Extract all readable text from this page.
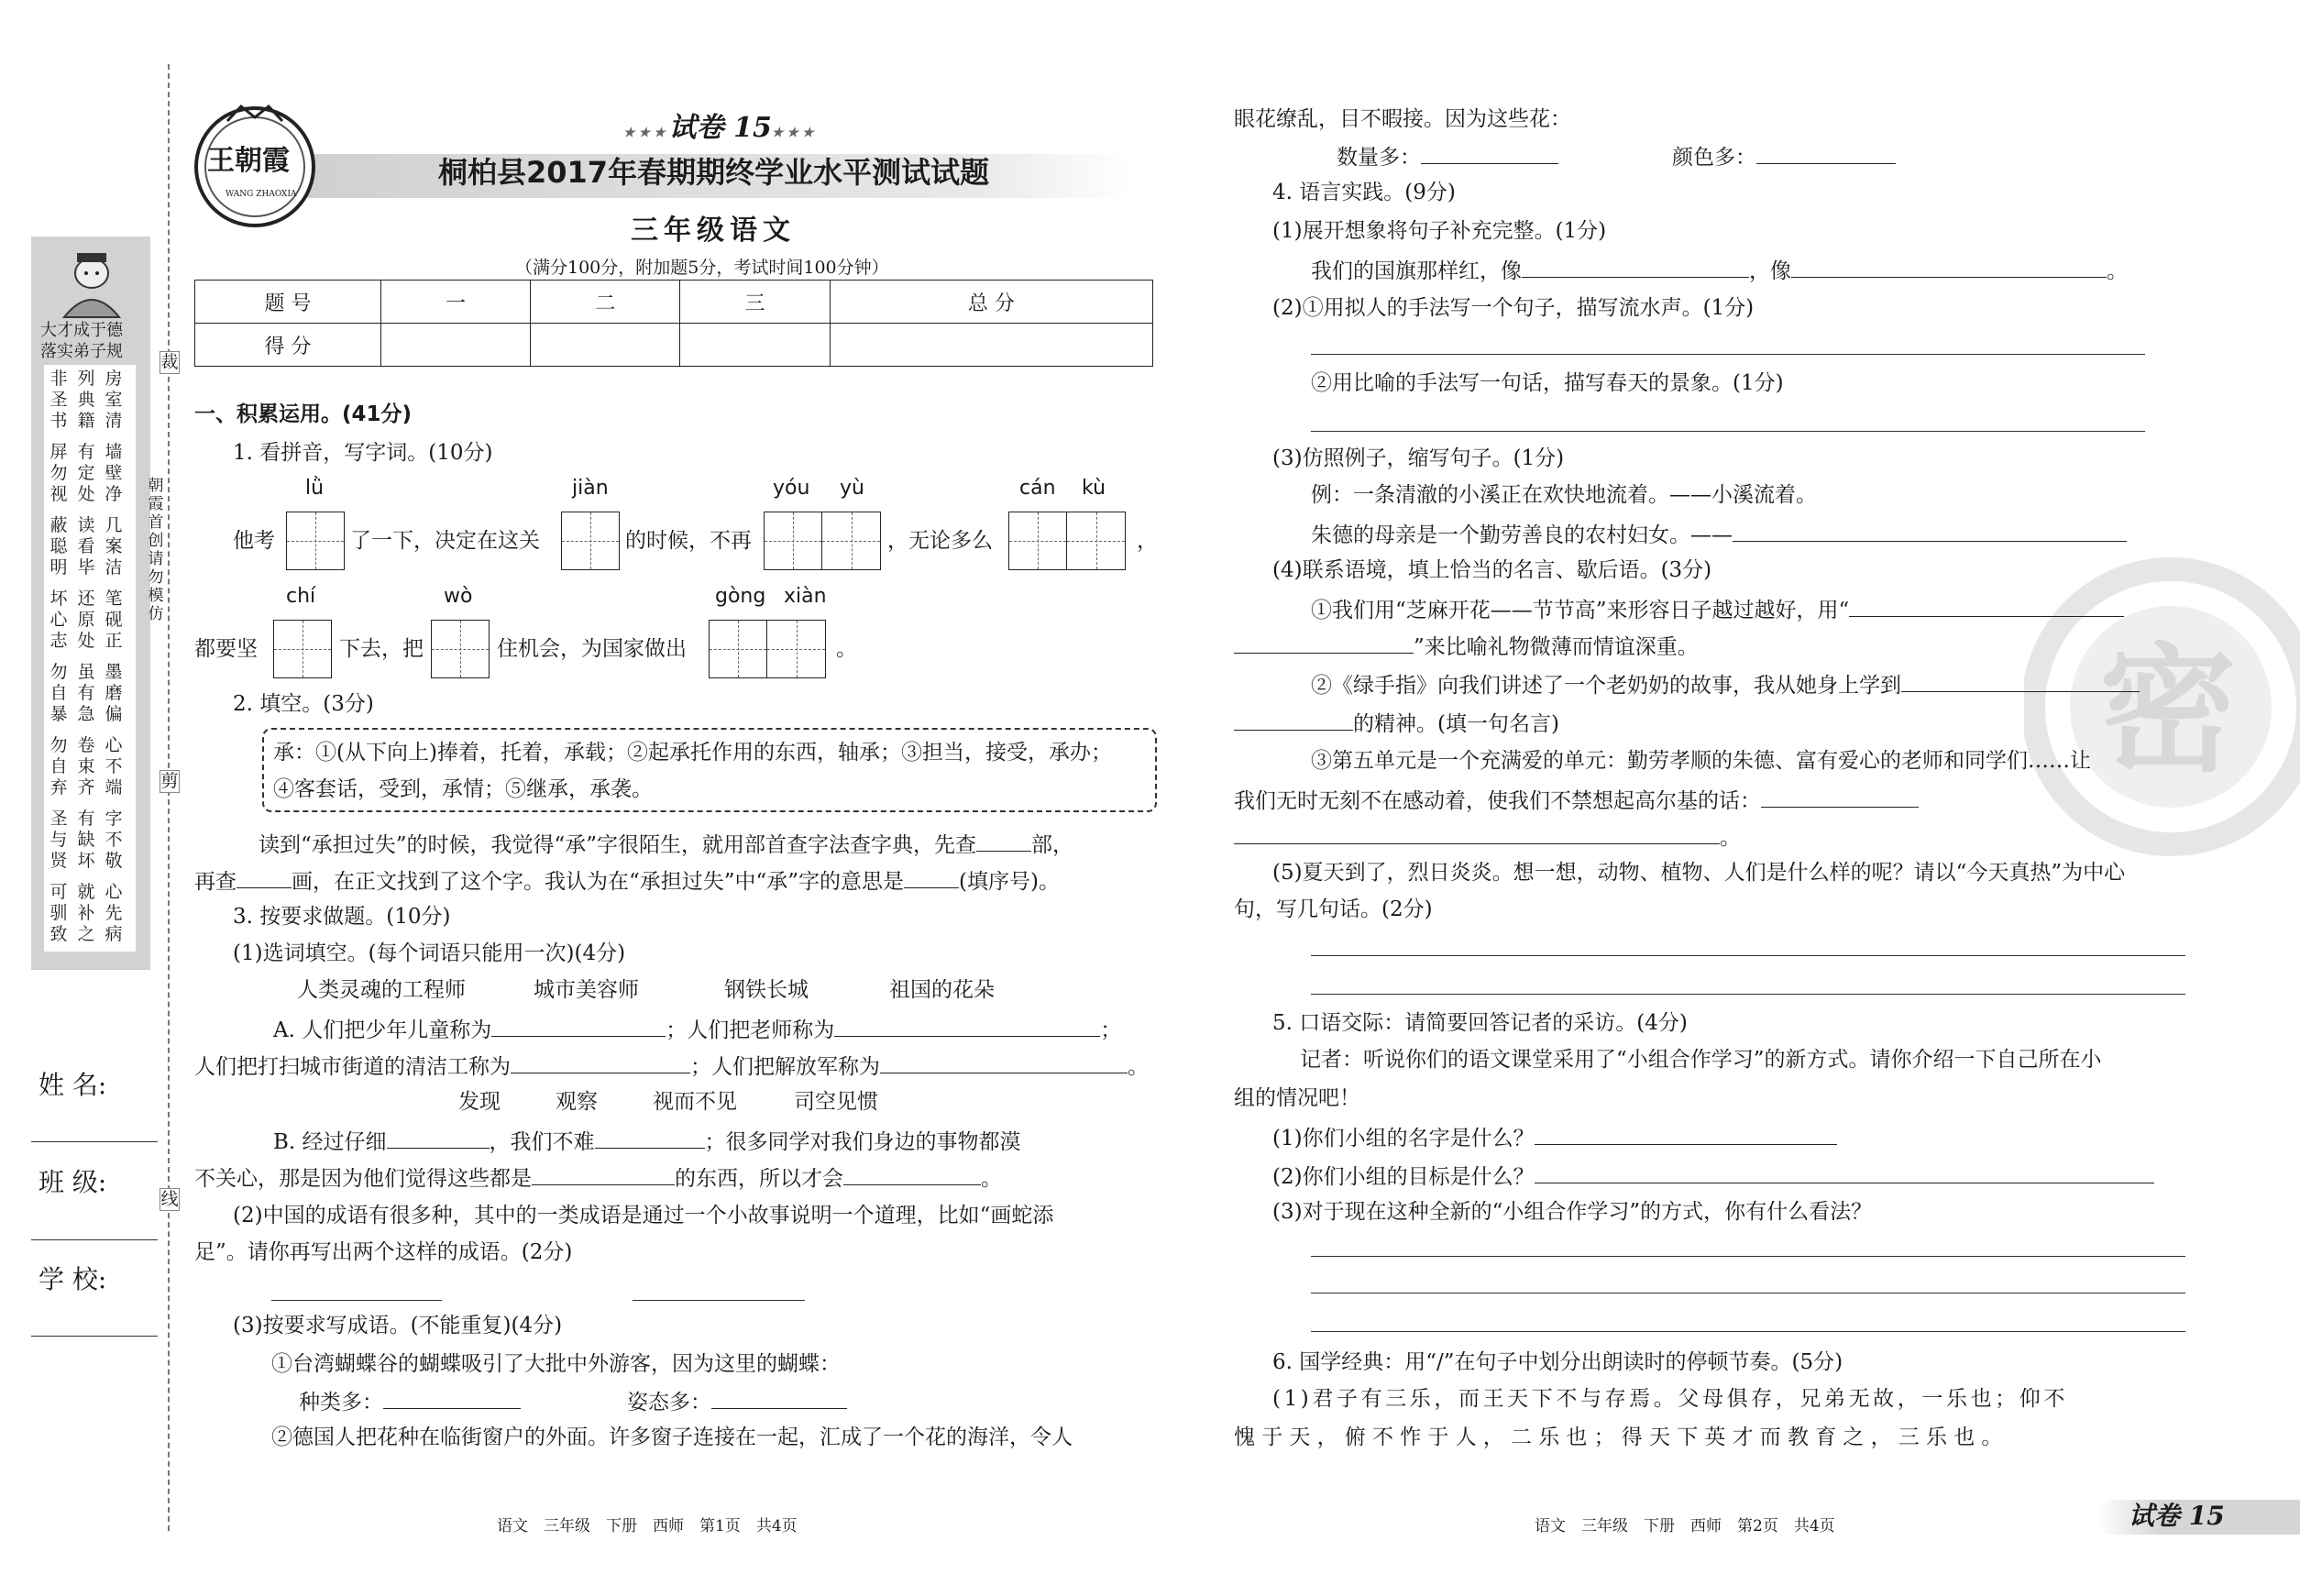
大才成于德
落实弟子规
非圣书
列典籍
房室清
屏勿视
有定处
墙壁净
蔽聪明
读看毕
几案洁
坏心志
还原处
笔砚正
勿自暴
虽有急
墨磨偏
勿自弃
卷束齐
心不端
圣与贤
有缺坏
字不敬
可驯致
就补之
心先病
裁
朝霞首创 请勿模仿
剪
线
姓 名:
班 级:
学 校:
王朝霞
WANG ZHAOXIA
★★★试卷 15★★★
桐柏县2017年春期期终学业水平测试试题
三年级语文
（满分100分，附加题5分，考试时间100分钟）
题 号	一	二	三	总 分
得 分				
一、积累运用。(41分)
1. 看拼音，写字词。(10分)
lǜ	jiàn	yóu yù	cán kù
他考	了一下，决定在这关	的时候，不再	，无论多么	，
chí	wò	gòng xiàn
都要坚	下去，把	住机会，为国家做出	。
2. 填空。(3分)
承：①(从下向上)捧着，托着，承载；②起承托作用的东西，轴承；③担当，接受，承办；
④客套话，受到，承情；⑤继承，承袭。
读到“承担过失”的时候，我觉得“承”字很陌生，就用部首查字法查字典，先查	部，
再查	画，在正文找到了这个字。我认为在“承担过失”中“承”字的意思是	(填序号)。
3. 按要求做题。(10分)
(1)选词填空。(每个词语只能用一次)(4分)
人类灵魂的工程师	城市美容师	钢铁长城	祖国的花朵
A. 人们把少年儿童称为	；人们把老师称为	；
人们把打扫城市街道的清洁工称为	；人们把解放军称为	。
发现	观察	视而不见	司空见惯
B. 经过仔细	，我们不难	；很多同学对我们身边的事物都漠
不关心，那是因为他们觉得这些都是	的东西，所以才会	。
(2)中国的成语有很多种，其中的一类成语是通过一个小故事说明一个道理，比如“画蛇添
足”。请你再写出两个这样的成语。(2分)
(3)按要求写成语。(不能重复)(4分)
①台湾蝴蝶谷的蝴蝶吸引了大批中外游客，因为这里的蝴蝶：
种类多：	姿态多：
②德国人把花种在临街窗户的外面。许多窗子连接在一起，汇成了一个花的海洋，令人
语文　三年级　下册　西师　第1页　共4页
密
眼花缭乱，目不暇接。因为这些花：
数量多：	颜色多：
4. 语言实践。(9分)
(1)展开想象将句子补充完整。(1分)
我们的国旗那样红，像	，像	。
(2)①用拟人的手法写一个句子，描写流水声。(1分)
②用比喻的手法写一句话，描写春天的景象。(1分)
(3)仿照例子，缩写句子。(1分)
例：一条清澈的小溪正在欢快地流着。——小溪流着。
朱德的母亲是一个勤劳善良的农村妇女。——
(4)联系语境，填上恰当的名言、歇后语。(3分)
①我们用“芝麻开花——节节高”来形容日子越过越好，用“
”来比喻礼物微薄而情谊深重。
②《绿手指》向我们讲述了一个老奶奶的故事，我从她身上学到
的精神。(填一句名言)
③第五单元是一个充满爱的单元：勤劳孝顺的朱德、富有爱心的老师和同学们……让
我们无时无刻不在感动着，使我们不禁想起高尔基的话：
。
(5)夏天到了，烈日炎炎。想一想，动物、植物、人们是什么样的呢？请以“今天真热”为中心
句，写几句话。(2分)
5. 口语交际：请简要回答记者的采访。(4分)
记者：听说你们的语文课堂采用了“小组合作学习”的新方式。请你介绍一下自己所在小
组的情况吧！
(1)你们小组的名字是什么？
(2)你们小组的目标是什么？
(3)对于现在这种全新的“小组合作学习”的方式，你有什么看法？
6. 国学经典：用“/”在句子中划分出朗读时的停顿节奏。(5分)
(1)君子有三乐，而王天下不与存焉。父母俱存，兄弟无故，一乐也；仰不
愧于天，俯不怍于人，二乐也；得天下英才而教育之，三乐也。
语文　三年级　下册　西师　第2页　共4页	试卷 15
